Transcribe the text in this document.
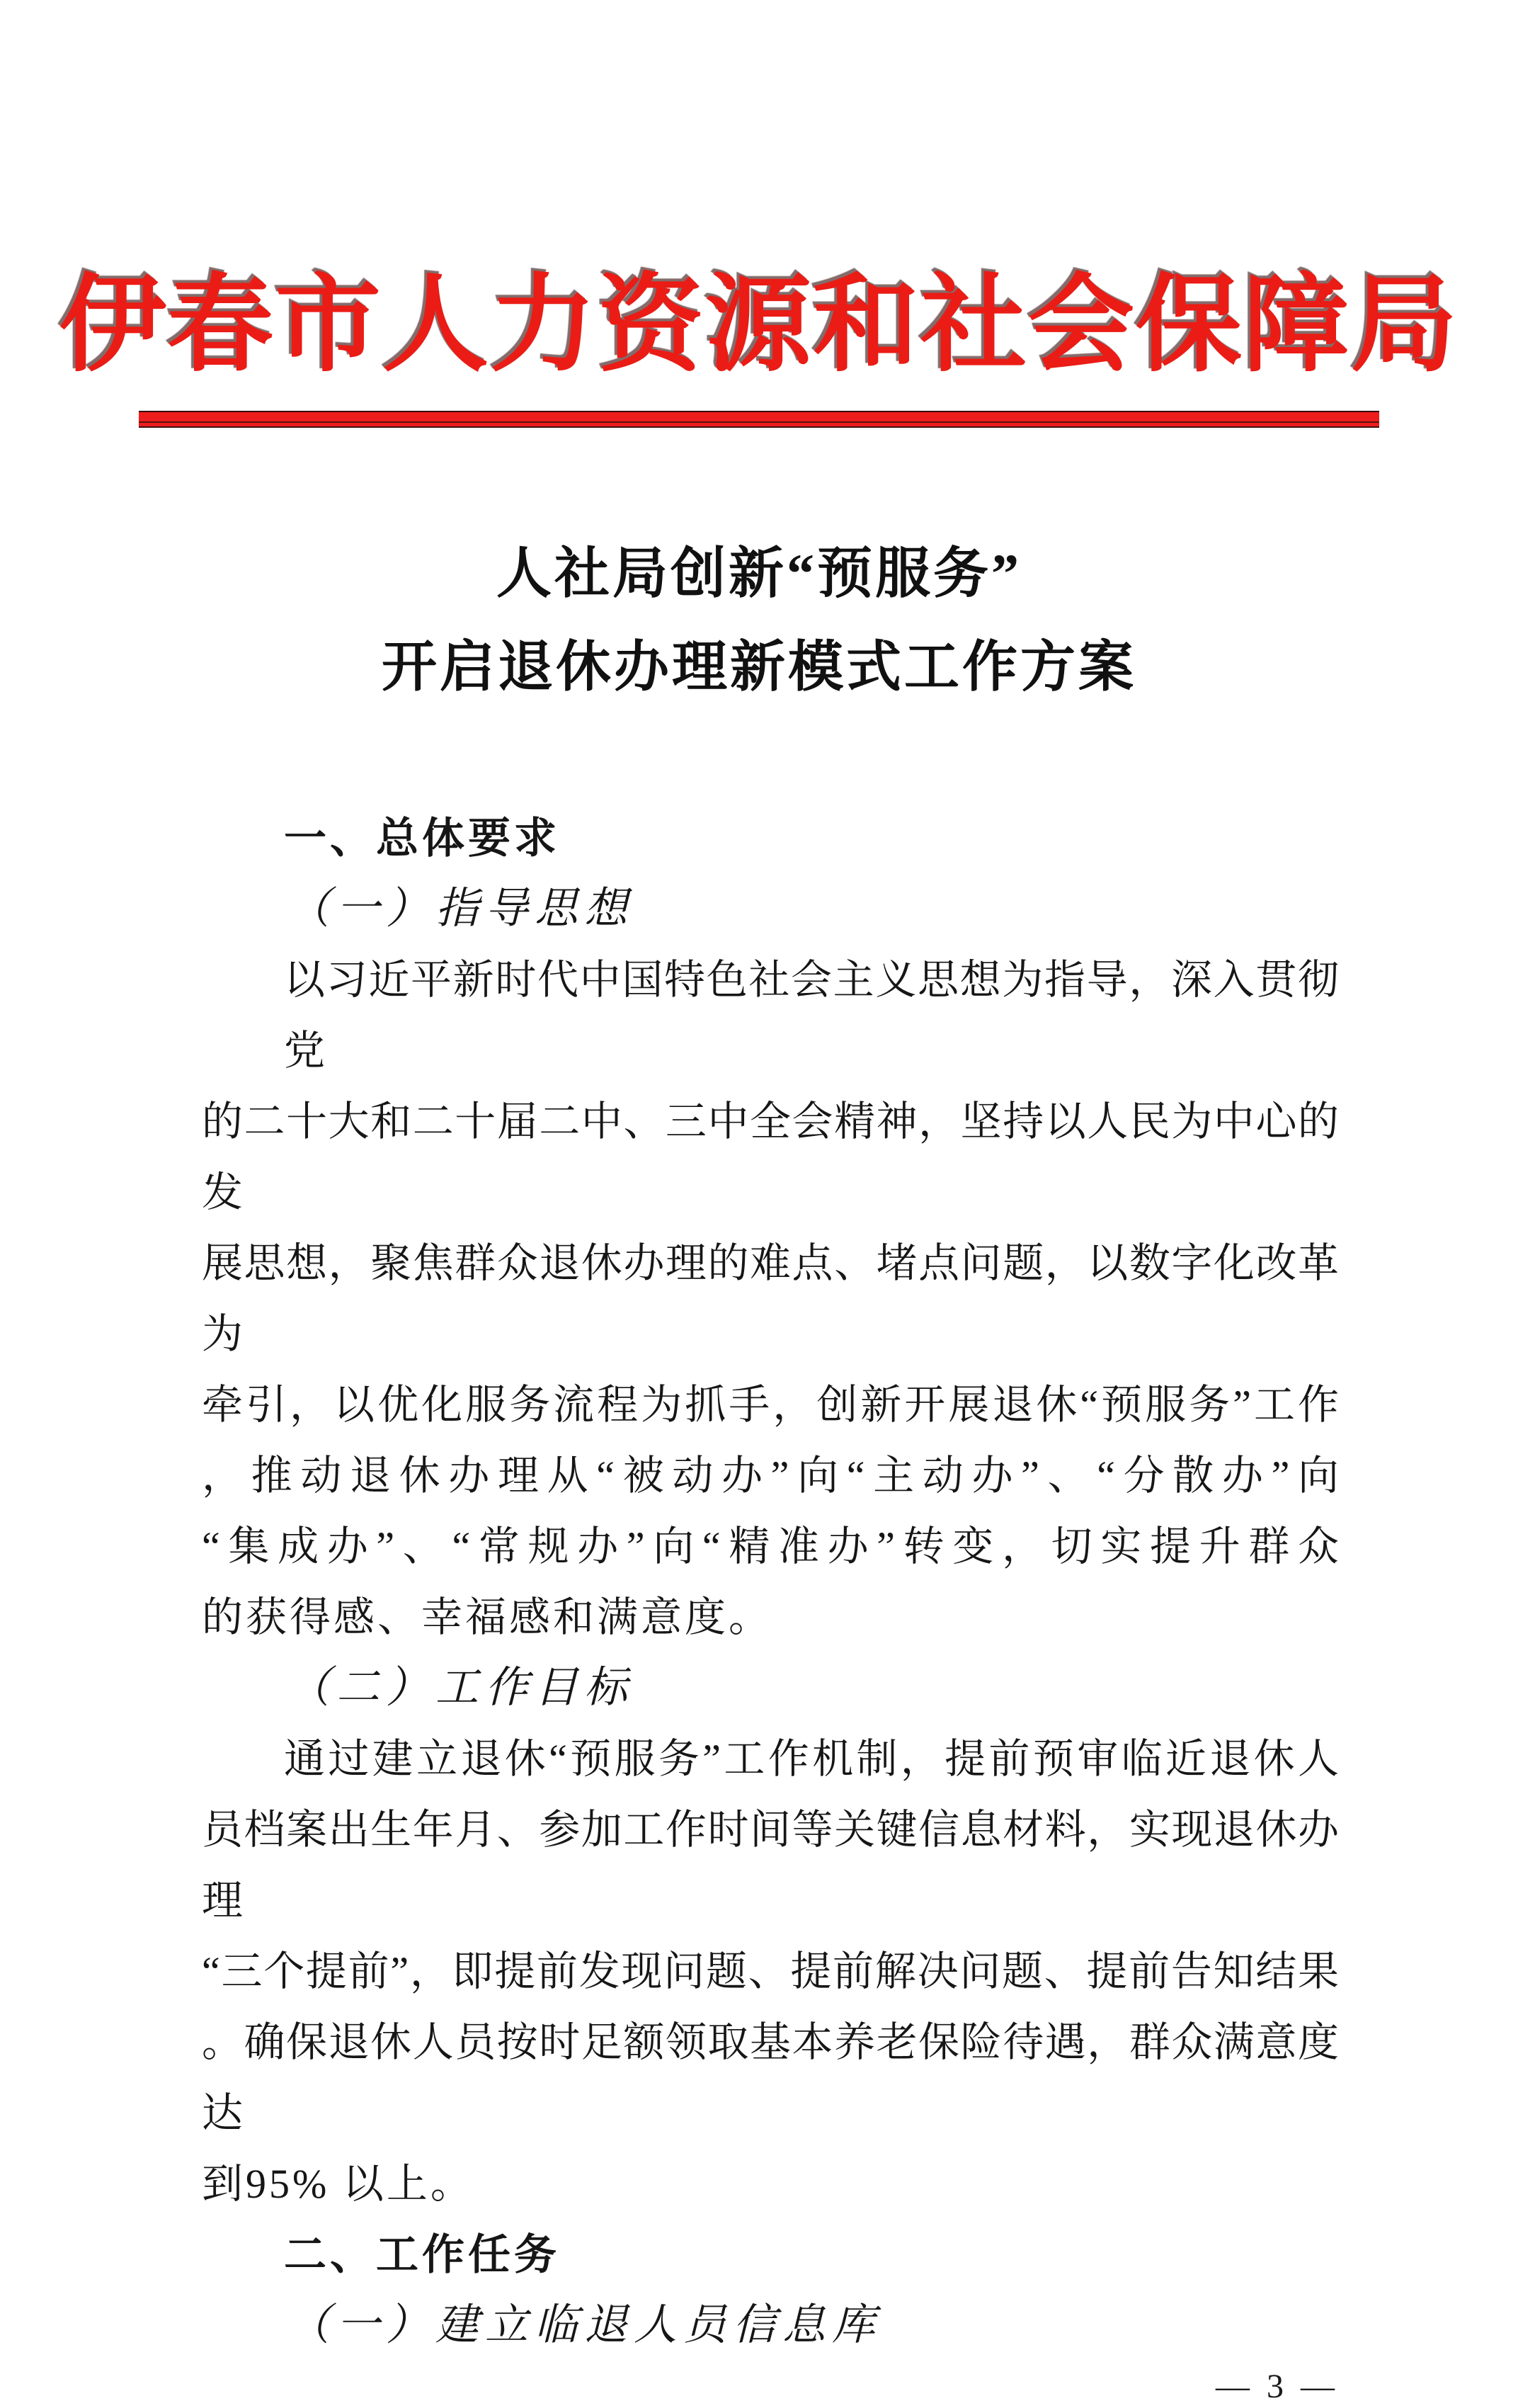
伊春市人力资源和社会保障局
人社局创新“预服务”
开启退休办理新模式工作方案
一、总体要求
（一）指导思想
以习近平新时代中国特色社会主义思想为指导，深入贯彻党
的二十大和二十届二中、三中全会精神，坚持以人民为中心的发
展思想，聚焦群众退休办理的难点、堵点问题，以数字化改革为
牵引，以优化服务流程为抓手，创新开展退休“预服务”工作
，推动退休办理从“被动办”向“主动办”、“分散办”向
“集成办”、“常规办”向“精准办”转变，切实提升群众
的获得感、幸福感和满意度。
（二）工作目标
通过建立退休“预服务”工作机制，提前预审临近退休人
员档案出生年月、参加工作时间等关键信息材料，实现退休办理
“三个提前”，即提前发现问题、提前解决问题、提前告知结果
。确保退休人员按时足额领取基本养老保险待遇，群众满意度达
到95% 以上。
二、工作任务
（一）建立临退人员信息库
— 3 —
